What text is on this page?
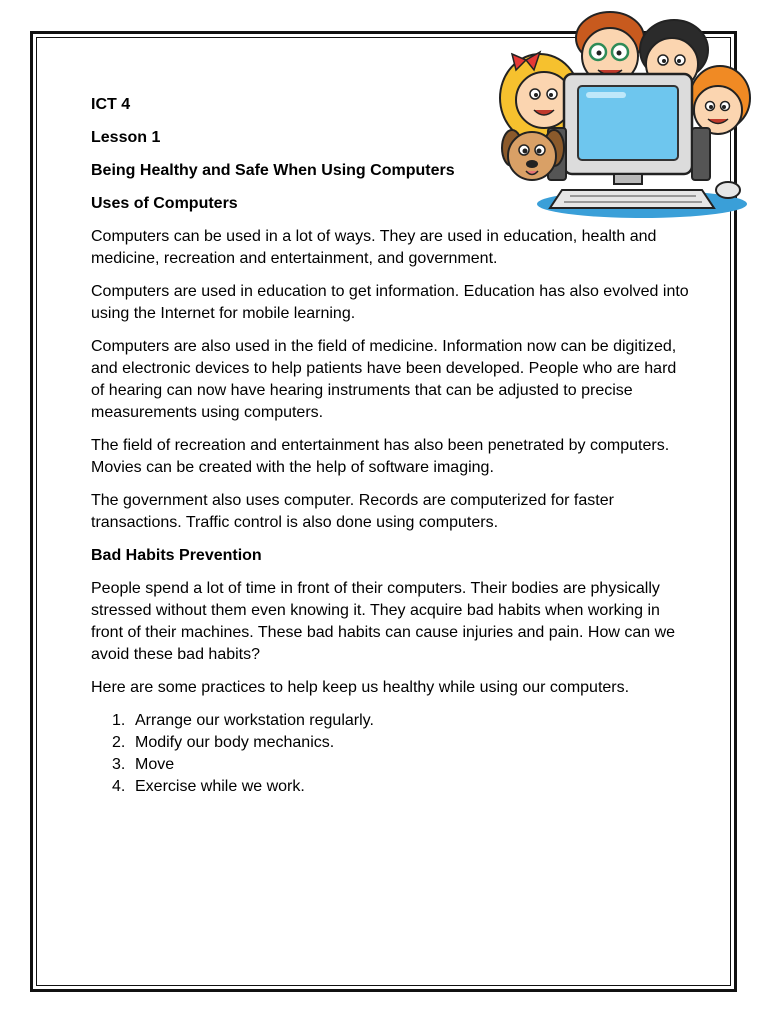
ICT 4

Lesson 1

Being Healthy and Safe When Using Computers

Uses of Computers

Computers can be used in a lot of ways. They are used in education, health and medicine, recreation and entertainment, and government.

Computers are used in education to get information. Education has also evolved into using the Internet for mobile learning.

Computers are also used in the field of medicine. Information now can be digitized, and electronic devices to help patients have been developed. People who are hard of hearing can now have hearing instruments that can be adjusted to precise measurements using computers.

The field of recreation and entertainment has also been penetrated by computers. Movies can be created with the help of software imaging.

The government also uses computer. Records are computerized for faster transactions. Traffic control is also done using computers.

Bad Habits Prevention

People spend a lot of time in front of their computers. Their bodies are physically stressed without them even knowing it. They acquire bad habits when working in front of their machines. These bad habits can cause injuries and pain. How can we avoid these bad habits?

Here are some practices to help keep us healthy while using our computers.

1. Arrange our workstation regularly.
2. Modify our body mechanics.
3. Move
4. Exercise while we work.
